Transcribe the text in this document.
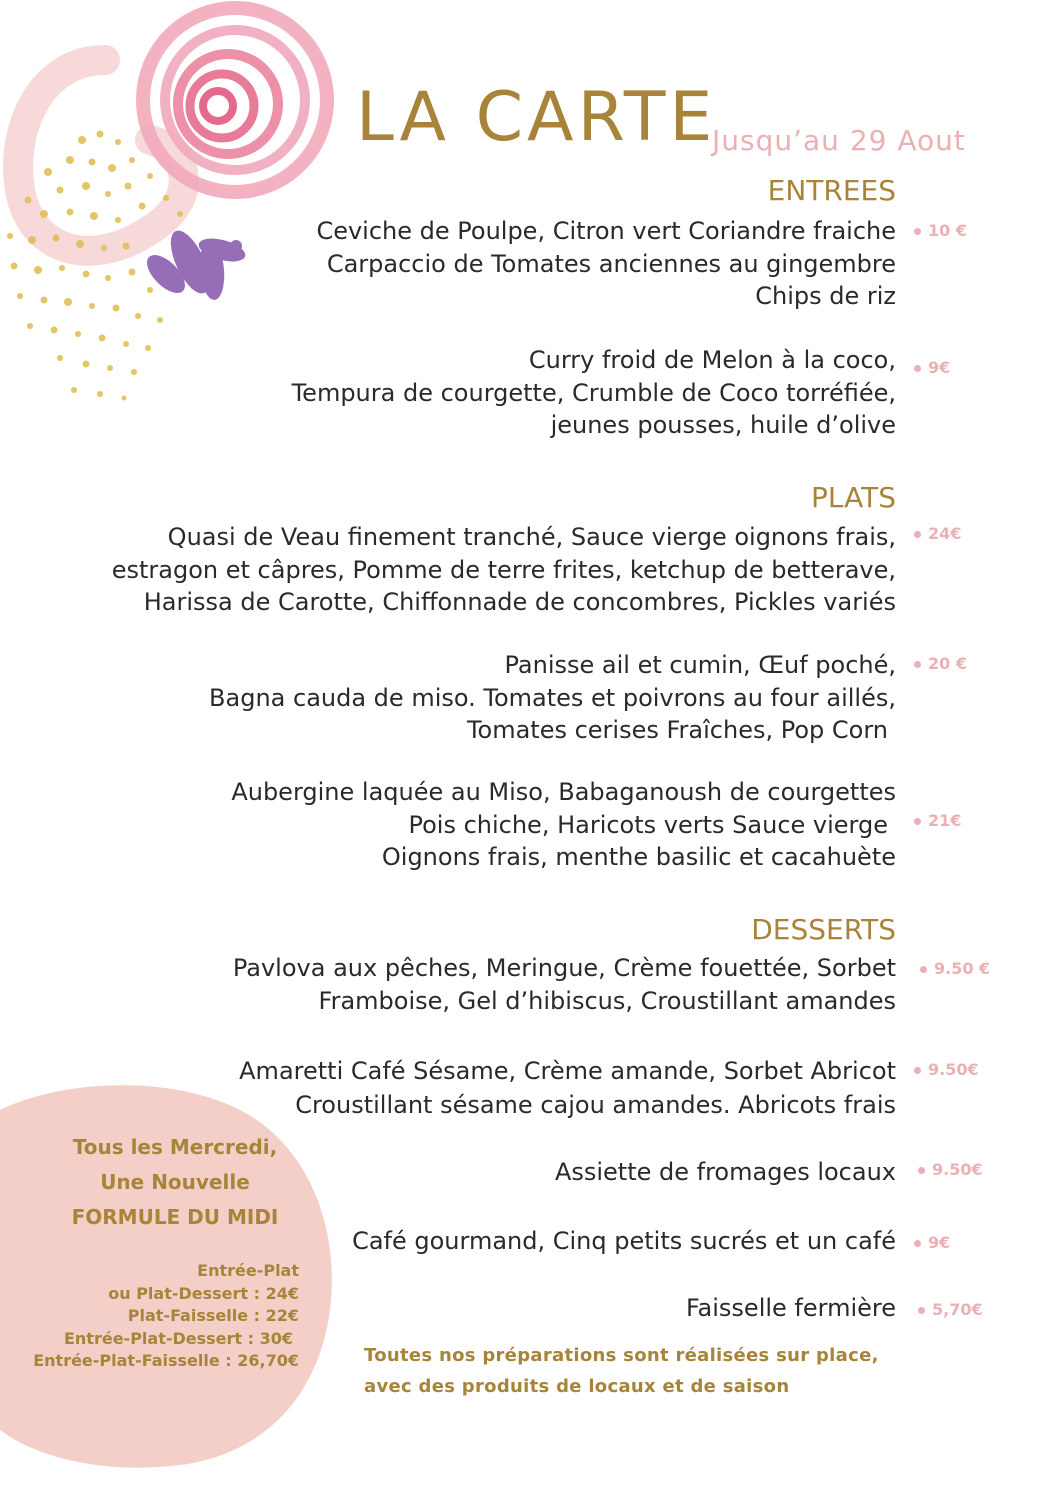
LA CARTE
Jusqu’au 29 Aout
ENTREES
Ceviche de Poulpe, Citron vert Coriandre fraiche
Carpaccio de Tomates anciennes au gingembre
Chips de riz
10 €
Curry froid de Melon à la coco,
Tempura de courgette, Crumble de Coco torréfiée,
jeunes pousses, huile d’olive
9€
PLATS
Quasi de Veau finement tranché, Sauce vierge oignons frais,
estragon et câpres, Pomme de terre frites, ketchup de betterave,
Harissa de Carotte, Chiffonnade de concombres, Pickles variés
24€
Panisse ail et cumin, Œuf poché,
Bagna cauda de miso. Tomates et poivrons au four aillés,
Tomates cerises Fraîches, Pop Corn
20 €
Aubergine laquée au Miso, Babaganoush de courgettes
Pois chiche, Haricots verts Sauce vierge
Oignons frais, menthe basilic et cacahuète
21€
DESSERTS
Pavlova aux pêches, Meringue, Crème fouettée, Sorbet
Framboise, Gel d’hibiscus, Croustillant amandes
9.50 €
Amaretti Café Sésame, Crème amande, Sorbet Abricot
Croustillant sésame cajou amandes. Abricots frais
9.50€
Assiette de fromages locaux	9.50€
Café gourmand, Cinq petits sucrés et un café	9€
Faisselle fermière	5,70€
Tous les Mercredi,
Une Nouvelle
FORMULE DU MIDI
Entrée-Plat
ou Plat-Dessert : 24€
Plat-Faisselle : 22€
Entrée-Plat-Dessert : 30€
Entrée-Plat-Faisselle : 26,70€	Toutes nos préparations sont réalisées sur place,
avec des produits de locaux et de saison
